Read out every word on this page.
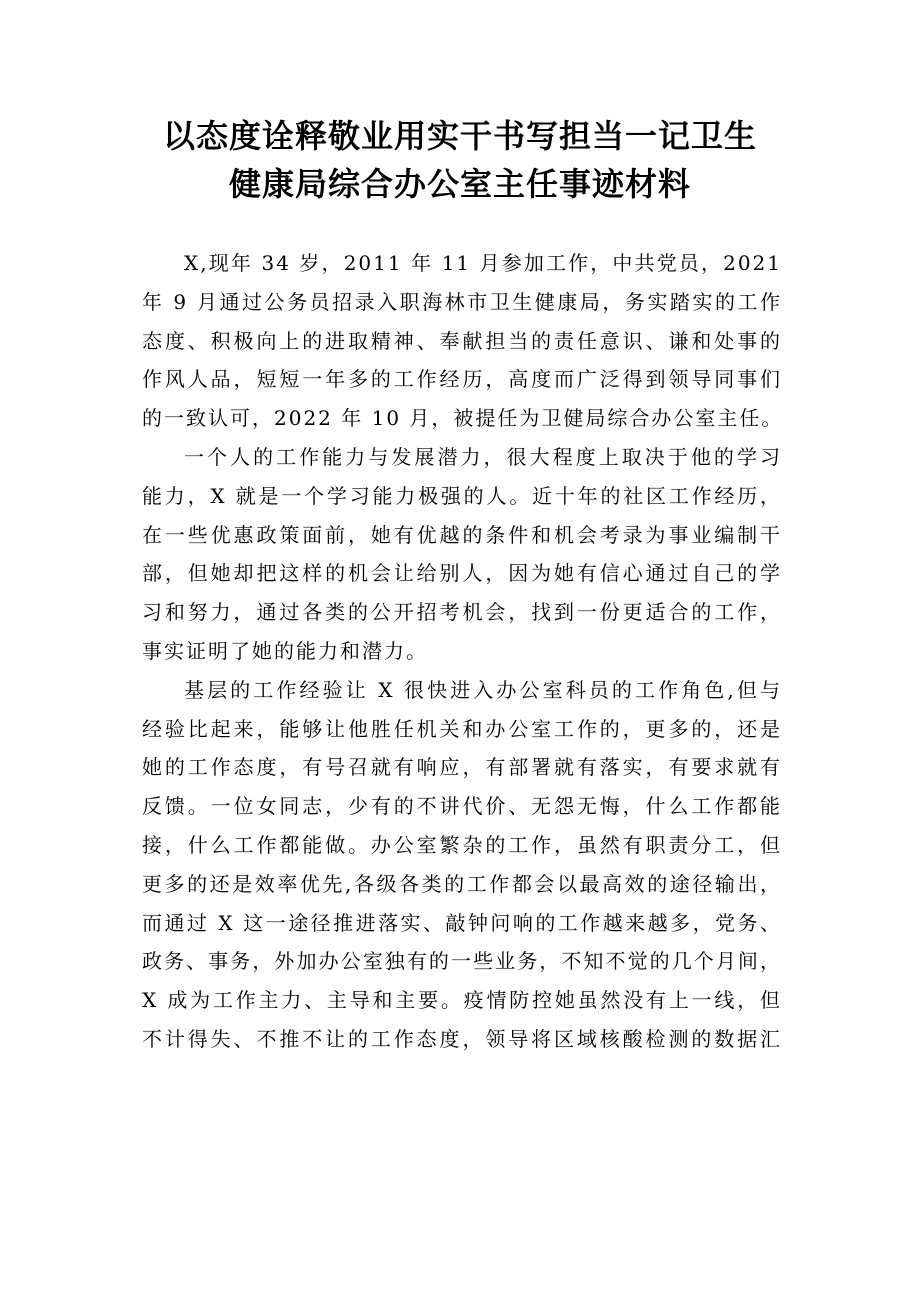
以态度诠释敬业用实干书写担当一记卫生
健康局综合办公室主任事迹材料

X,现年 34 岁，2011 年 11 月参加工作，中共党员，2021
年 9 月通过公务员招录入职海林市卫生健康局，务实踏实的工作
态度、积极向上的进取精神、奉献担当的责任意识、谦和处事的
作风人品，短短一年多的工作经历，高度而广泛得到领导同事们
的一致认可，2022 年 10 月，被提任为卫健局综合办公室主任。

一个人的工作能力与发展潜力，很大程度上取决于他的学习
能力，X 就是一个学习能力极强的人。近十年的社区工作经历，
在一些优惠政策面前，她有优越的条件和机会考录为事业编制干
部，但她却把这样的机会让给别人，因为她有信心通过自己的学
习和努力，通过各类的公开招考机会，找到一份更适合的工作，
事实证明了她的能力和潜力。

基层的工作经验让 X 很快进入办公室科员的工作角色,但与
经验比起来，能够让他胜任机关和办公室工作的，更多的，还是
她的工作态度，有号召就有响应，有部署就有落实，有要求就有
反馈。一位女同志，少有的不讲代价、无怨无悔，什么工作都能
接，什么工作都能做。办公室繁杂的工作，虽然有职责分工，但
更多的还是效率优先,各级各类的工作都会以最高效的途径输出，
而通过 X 这一途径推进落实、敲钟问响的工作越来越多，党务、
政务、事务，外加办公室独有的一些业务，不知不觉的几个月间，
X 成为工作主力、主导和主要。疫情防控她虽然没有上一线，但
不计得失、不推不让的工作态度，领导将区域核酸检测的数据汇
